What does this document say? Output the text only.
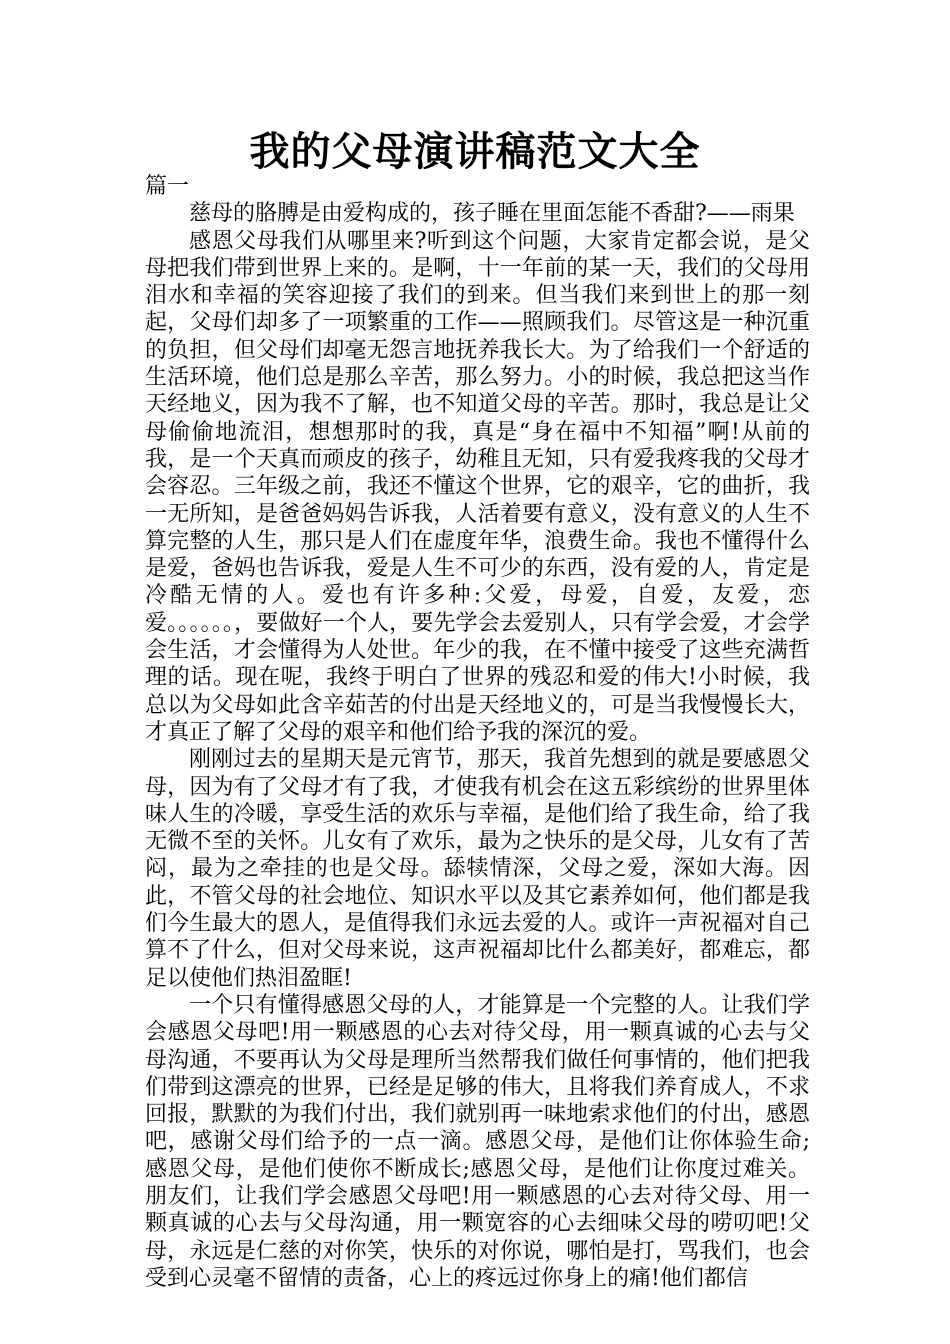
我的父母演讲稿范文大全

篇一

慈母的胳膊是由爱构成的，孩子睡在里面怎能不香甜?——雨果

感恩父母我们从哪里来?听到这个问题，大家肯定都会说，是父母把我们带到世界上来的。是啊，十一年前的某一天，我们的父母用泪水和幸福的笑容迎接了我们的到来。但当我们来到世上的那一刻起，父母们却多了一项繁重的工作——照顾我们。尽管这是一种沉重的负担，但父母们却毫无怨言地抚养我长大。为了给我们一个舒适的生活环境，他们总是那么辛苦，那么努力。小的时候，我总把这当作天经地义，因为我不了解，也不知道父母的辛苦。那时，我总是让父母偷偷地流泪，想想那时的我，真是“身在福中不知福”啊!从前的我，是一个天真而顽皮的孩子，幼稚且无知，只有爱我疼我的父母才会容忍。三年级之前，我还不懂这个世界，它的艰辛，它的曲折，我一无所知，是爸爸妈妈告诉我，人活着要有意义，没有意义的人生不算完整的人生，那只是人们在虚度年华，浪费生命。我也不懂得什么是爱，爸妈也告诉我，爱是人生不可少的东西，没有爱的人，肯定是冷酷无情的人。爱也有许多种:父爱，母爱，自爱，友爱，恋爱。。。。。。，要做好一个人，要先学会去爱别人，只有学会爱，才会学会生活，才会懂得为人处世。年少的我，在不懂中接受了这些充满哲理的话。现在呢，我终于明白了世界的残忍和爱的伟大!小时候，我总以为父母如此含辛茹苦的付出是天经地义的，可是当我慢慢长大，才真正了解了父母的艰辛和他们给予我的深沉的爱。

刚刚过去的星期天是元宵节，那天，我首先想到的就是要感恩父母，因为有了父母才有了我，才使我有机会在这五彩缤纷的世界里体味人生的冷暖，享受生活的欢乐与幸福，是他们给了我生命，给了我无微不至的关怀。儿女有了欢乐，最为之快乐的是父母，儿女有了苦闷，最为之牵挂的也是父母。舔犊情深，父母之爱，深如大海。因此，不管父母的社会地位、知识水平以及其它素养如何，他们都是我们今生最大的恩人，是值得我们永远去爱的人。或许一声祝福对自己算不了什么，但对父母来说，这声祝福却比什么都美好，都难忘，都足以使他们热泪盈眶!

一个只有懂得感恩父母的人，才能算是一个完整的人。让我们学会感恩父母吧!用一颗感恩的心去对待父母，用一颗真诚的心去与父母沟通，不要再认为父母是理所当然帮我们做任何事情的，他们把我们带到这漂亮的世界，已经是足够的伟大，且将我们养育成人，不求回报，默默的为我们付出，我们就别再一味地索求他们的付出，感恩吧，感谢父母们给予的一点一滴。感恩父母，是他们让你体验生命;感恩父母，是他们使你不断成长;感恩父母，是他们让你度过难关。朋友们，让我们学会感恩父母吧!用一颗感恩的心去对待父母、用一颗真诚的心去与父母沟通，用一颗宽容的心去细味父母的唠叨吧!父母，永远是仁慈的对你笑，快乐的对你说，哪怕是打，骂我们，也会受到心灵毫不留情的责备，心上的疼远过你身上的痛!他们都信
